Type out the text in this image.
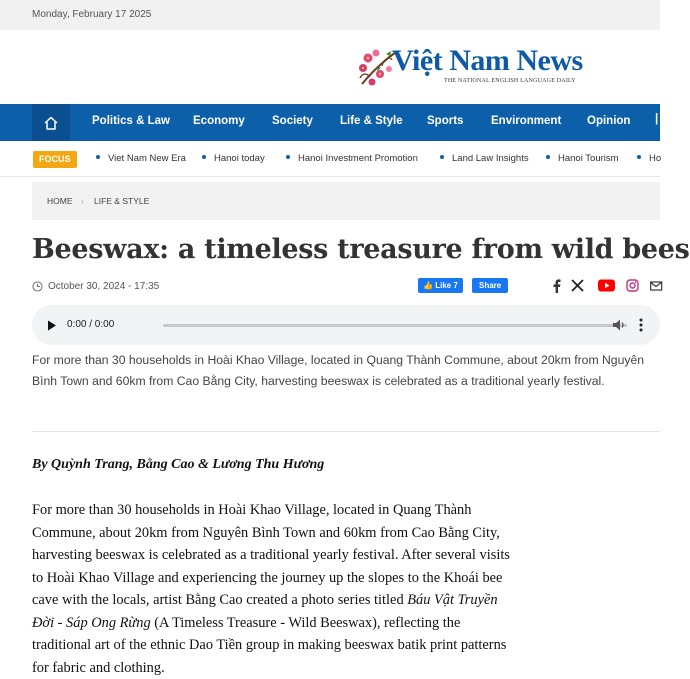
Monday, February 17 2025
Việt Nam News
THE NATIONAL ENGLISH LANGUAGE DAILY
Politics & Law Economy Society Life & Style Sports Environment Opinion |
FOCUS	Viet Nam New Era	Hanoi today	Hanoi Investment Promotion	Land Law Insights	Hanoi Tourism	Ho
HOME › LIFE & STYLE
Beeswax: a timeless treasure from wild bees
October 30, 2024 - 17:35	👍 Like 7	Share
0:00 / 0:00

For more than 30 households in Hoài Khao Village, located in Quang Thành Commune, about 20km from Nguyên Bình Town and 60km from Cao Bằng City, harvesting beeswax is celebrated as a traditional yearly festival.

By Quỳnh Trang, Bằng Cao & Lương Thu Hương

For more than 30 households in Hoài Khao Village, located in Quang Thành Commune, about 20km from Nguyên Bình Town and 60km from Cao Bằng City, harvesting beeswax is celebrated as a traditional yearly festival. After several visits to Hoài Khao Village and experiencing the journey up the slopes to the Khoái bee cave with the locals, artist Bằng Cao created a photo series titled Báu Vật Truyền Đời - Sáp Ong Rừng (A Timeless Treasure - Wild Beeswax), reflecting the traditional art of the ethnic Dao Tiền group in making beeswax batik print patterns for fabric and clothing.
